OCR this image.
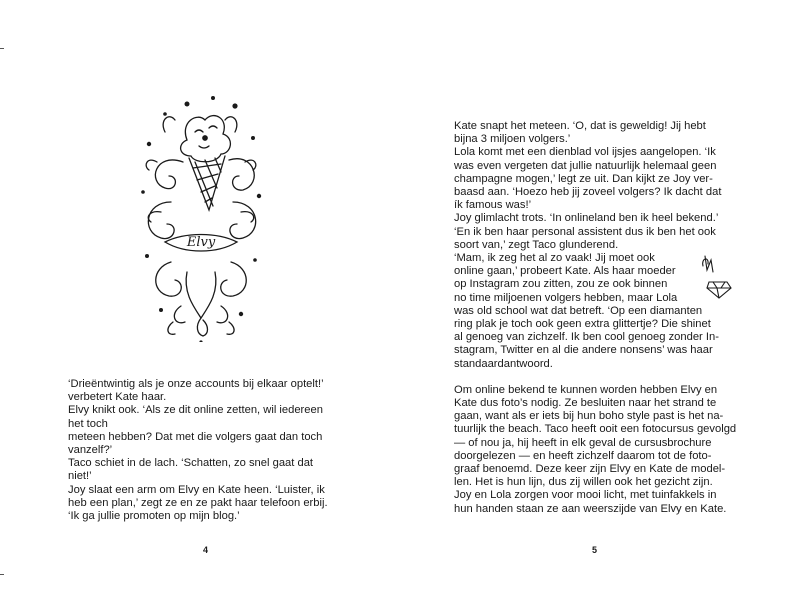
Elvy

‘Drieëntwintig als je onze accounts bij elkaar optelt!’

verbetert Kate haar.

Elvy knikt ook. ‘Als ze dit online zetten, wil iedereen

het toch

meteen hebben? Dat met die volgers gaat dan toch

vanzelf?’

Taco schiet in de lach. ‘Schatten, zo snel gaat dat

niet!’

Joy slaat een arm om Elvy en Kate heen. ‘Luister, ik

heb een plan,’ zegt ze en ze pakt haar telefoon erbij.

‘Ik ga jullie promoten op mijn blog.’

4

Kate snapt het meteen. ‘O, dat is geweldig! Jij hebt

bijna 3 miljoen volgers.’

Lola komt met een dienblad vol ijsjes aangelopen. ‘Ik

was even vergeten dat jullie natuurlijk helemaal geen

champagne mogen,’ legt ze uit. Dan kijkt ze Joy ver-

baasd aan. ‘Hoezo heb jij zoveel volgers? Ik dacht dat

ík famous was!’

Joy glimlacht trots. ‘In onlineland ben ik heel bekend.’

‘En ik ben haar personal assistent dus ik ben het ook

soort van,’ zegt Taco glunderend.

‘Mam, ik zeg het al zo vaak! Jij moet ook

online gaan,’ probeert Kate. Als haar moeder

op Instagram zou zitten, zou ze ook binnen

no time miljoenen volgers hebben, maar Lola

was old school wat dat betreft. ‘Op een diamanten

ring plak je toch ook geen extra glittertje? Die shinet

al genoeg van zichzelf. Ik ben cool genoeg zonder In-

stagram, Twitter en al die andere nonsens’ was haar

standaardantwoord.

Om online bekend te kunnen worden hebben Elvy en

Kate dus foto’s nodig. Ze besluiten naar het strand te

gaan, want als er iets bij hun boho style past is het na-

tuurlijk the beach. Taco heeft ooit een fotocursus gevolgd

— of nou ja, hij heeft in elk geval de cursusbrochure

doorgelezen — en heeft zichzelf daarom tot de foto-

graaf benoemd. Deze keer zijn Elvy en Kate de model-

len. Het is hun lijn, dus zij willen ook het gezicht zijn.

Joy en Lola zorgen voor mooi licht, met tuinfakkels in

hun handen staan ze aan weerszijde van Elvy en Kate.

5
